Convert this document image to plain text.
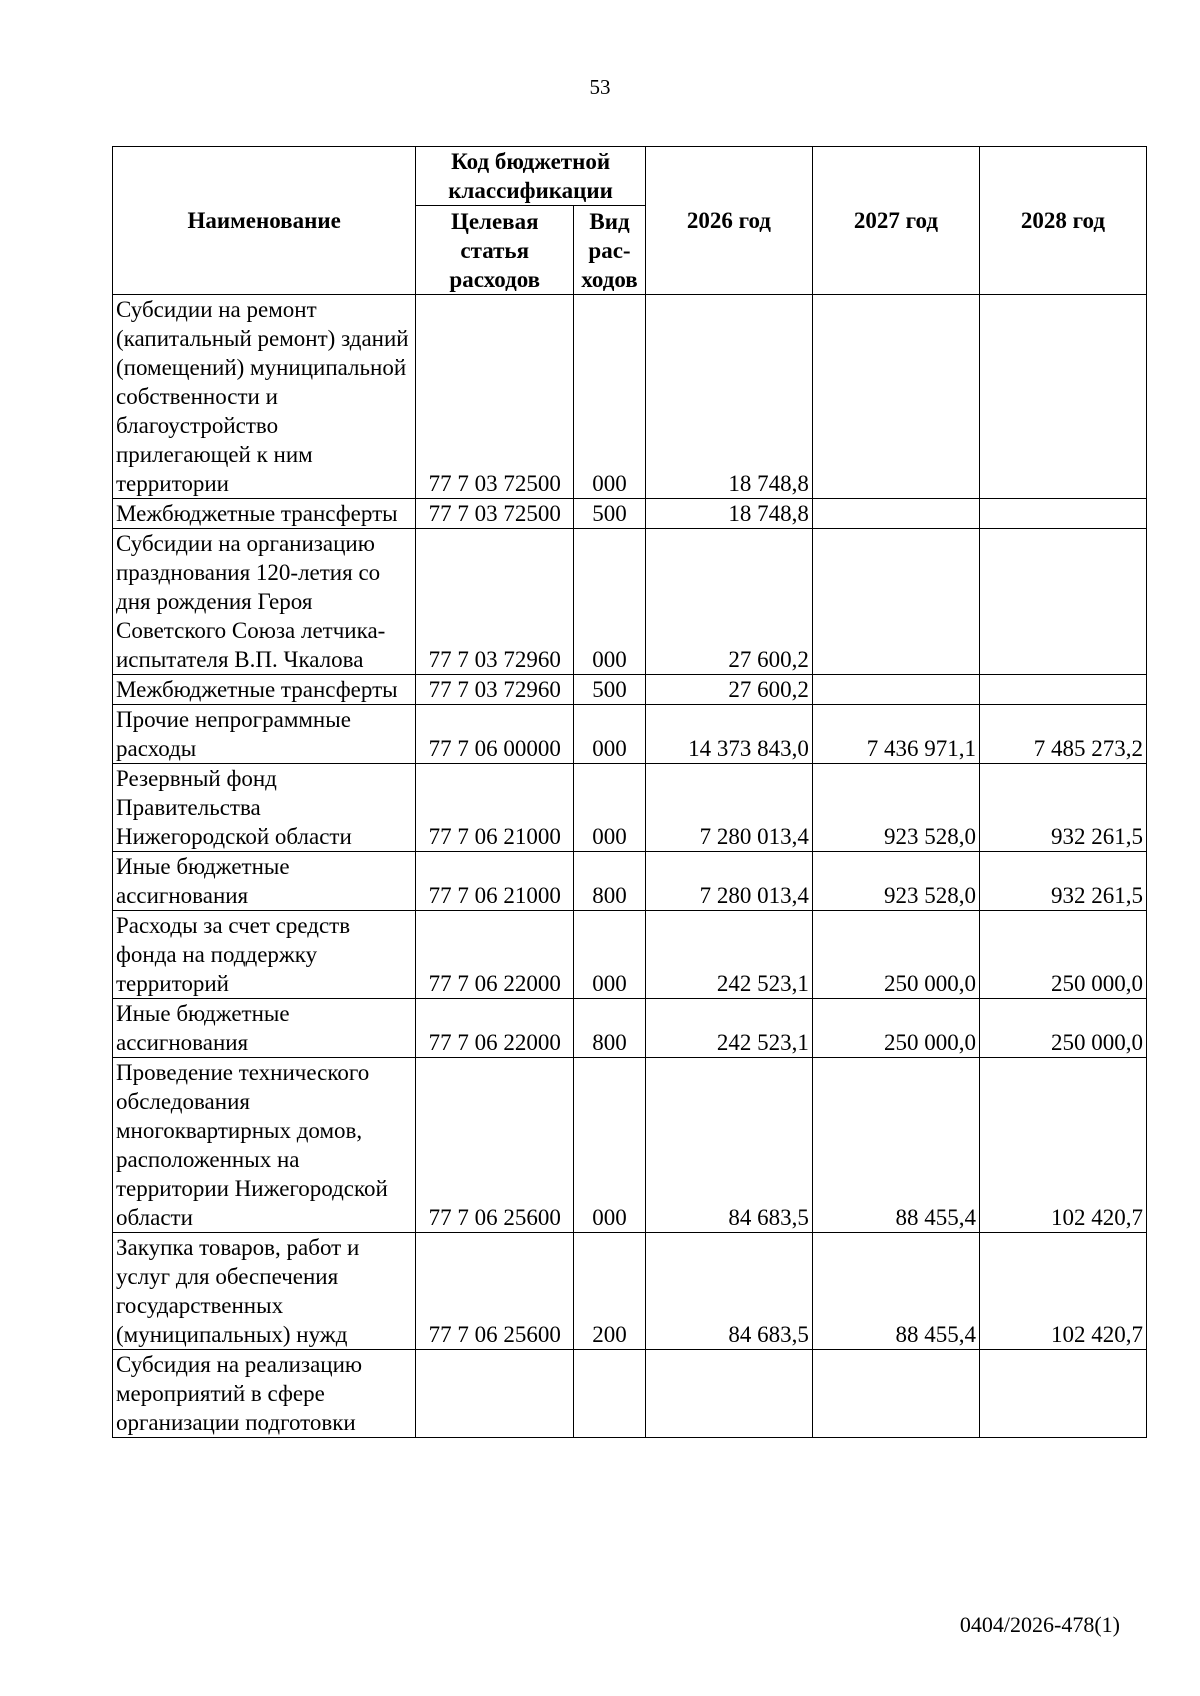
53
Наименование	Код бюджетной классификации		2026 год	2027 год	2028 год
	Целевая статья расходов	Вид рас-ходов			
Субсидии на ремонт (капитальный ремонт) зданий (помещений) муниципальной собственности и благоустройство прилегающей к ним территории	77 7 03 72500	000	18 748,8		
Межбюджетные трансферты	77 7 03 72500	500	18 748,8		
Субсидии на организацию празднования 120-летия со дня рождения Героя Советского Союза летчика-испытателя В.П. Чкалова	77 7 03 72960	000	27 600,2		
Межбюджетные трансферты	77 7 03 72960	500	27 600,2		
Прочие непрограммные расходы	77 7 06 00000	000	14 373 843,0	7 436 971,1	7 485 273,2
Резервный фонд Правительства Нижегородской области	77 7 06 21000	000	7 280 013,4	923 528,0	932 261,5
Иные бюджетные ассигнования	77 7 06 21000	800	7 280 013,4	923 528,0	932 261,5
Расходы за счет средств фонда на поддержку территорий	77 7 06 22000	000	242 523,1	250 000,0	250 000,0
Иные бюджетные ассигнования	77 7 06 22000	800	242 523,1	250 000,0	250 000,0
Проведение технического обследования многоквартирных домов, расположенных на территории Нижегородской области	77 7 06 25600	000	84 683,5	88 455,4	102 420,7
Закупка товаров, работ и услуг для обеспечения государственных (муниципальных) нужд	77 7 06 25600	200	84 683,5	88 455,4	102 420,7
Субсидия на реализацию мероприятий в сфере организации подготовки					
0404/2026-478(1)
